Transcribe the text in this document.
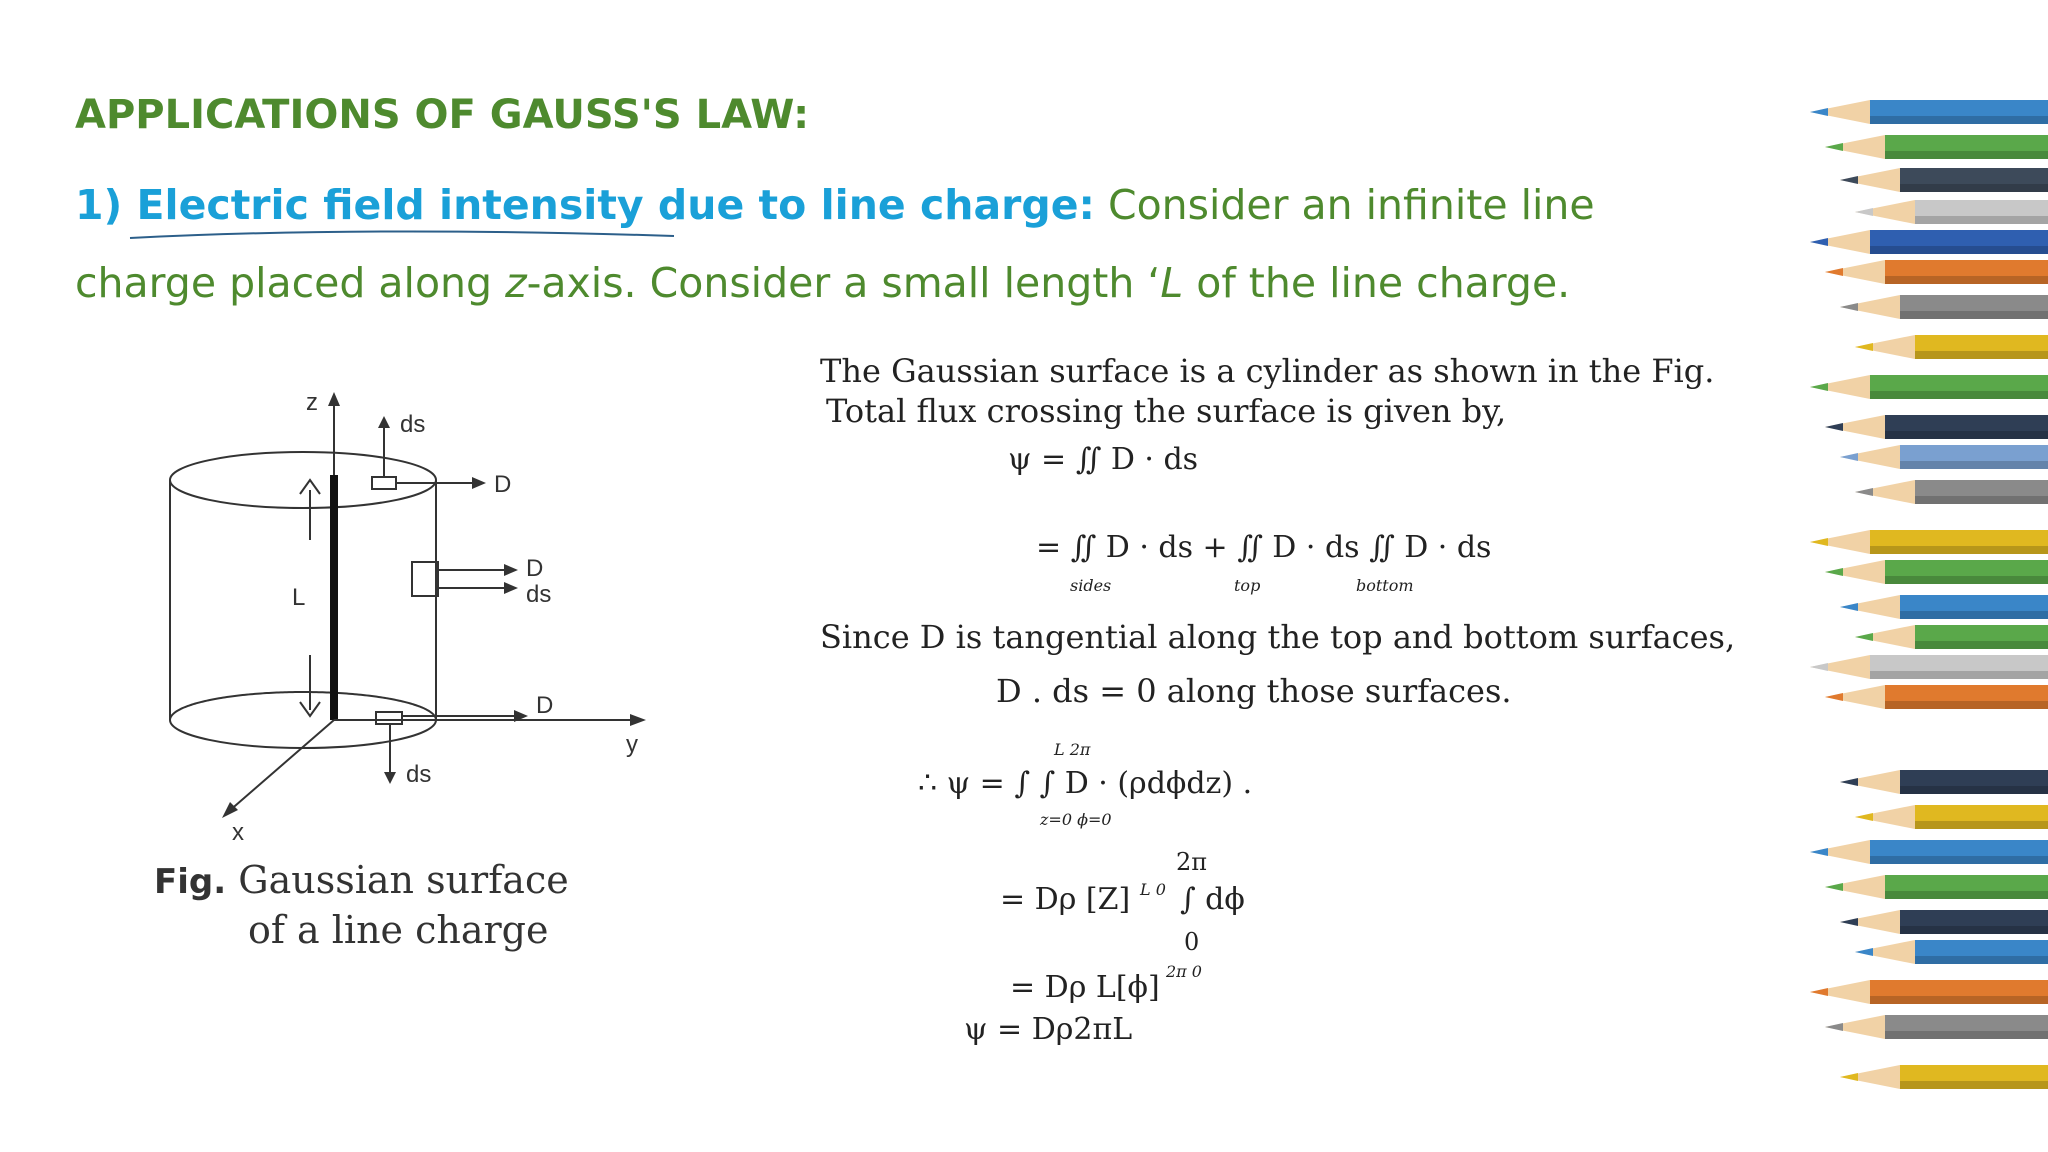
APPLICATIONS OF GAUSS'S LAW:
1) Electric field intensity due to line charge: Consider an infinite line charge placed along z-axis. Consider a small length ‘L of the line charge.
z
y
x
L
ds
D
D
ds
D
ds
Fig. Gaussian surface
of a line charge
The Gaussian surface is a cylinder as shown in the Fig.
Total flux crossing the surface is given by,
ψ = ∬ D · ds
= ∬ D · ds + ∬ D · ds ∬ D · ds
sides	top	bottom
Since D is tangential along the top and bottom surfaces,
D . ds = 0 along those surfaces.
L 2π
∴ ψ = ∫ ∫ D · (ρdϕdz) .
z=0 ϕ=0
2π
= Dρ [Z] L 0 ∫ dϕ
0
= Dρ L[ϕ] 2π 0
ψ = Dρ2πL
